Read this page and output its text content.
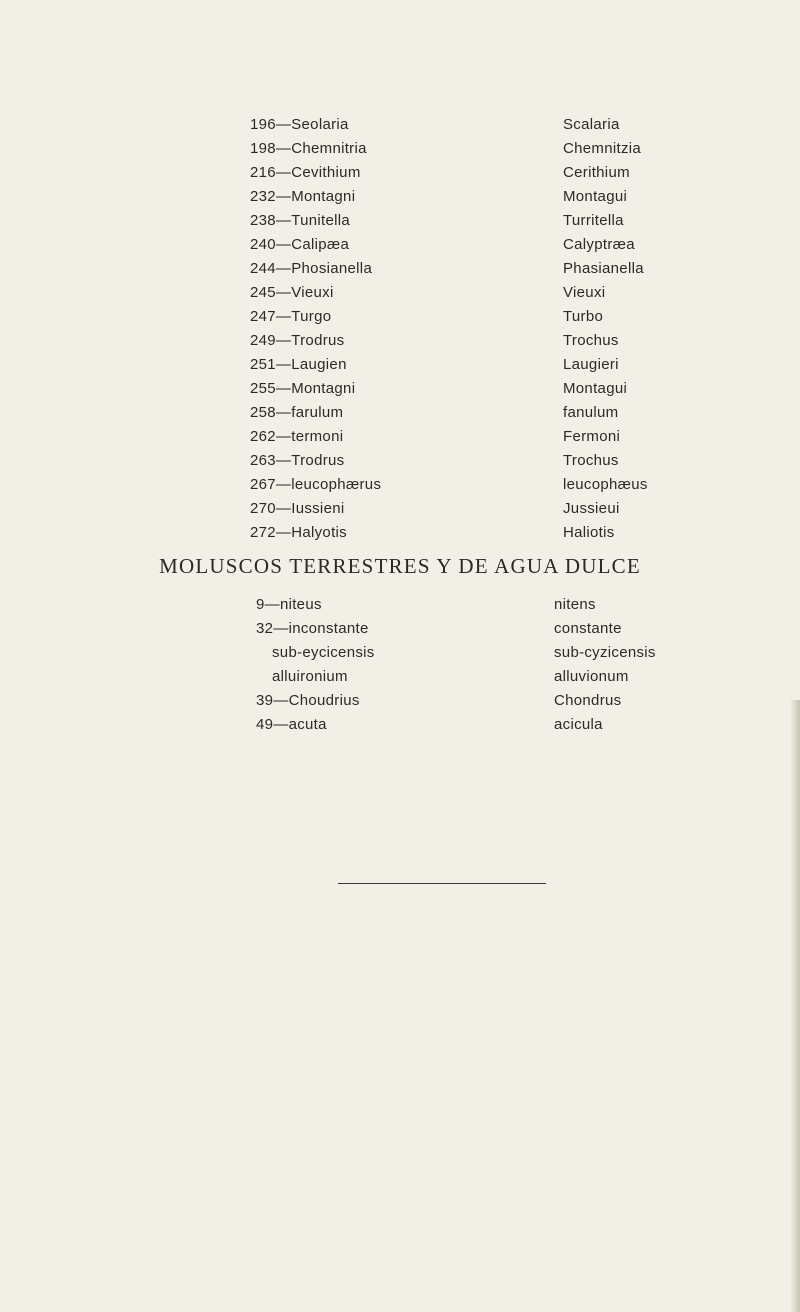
196—Seolaria	Scalaria
198—Chemnitria	Chemnitzia
216—Cevithium	Cerithium
232—Montagni	Montagui
238—Tunitella	Turritella
240—Calipæa	Calyptræa
244—Phosianella	Phasianella
245—Vieuxi	Vieuxi
247—Turgo	Turbo
249—Trodrus	Trochus
251—Laugien	Laugieri
255—Montagni	Montagui
258—farulum	fanulum
262—termoni	Fermoni
263—Trodrus	Trochus
267—leucophærus	leucophæus
270—Iussieni	Jussieui
272—Halyotis	Haliotis
MOLUSCOS TERRESTRES Y DE AGUA DULCE
9—niteus	nitens
32—inconstante	constante
sub-eycicensis	sub-cyzicensis
alluironium	alluvionum
39—Choudrius	Chondrus
49—acuta	acicula
